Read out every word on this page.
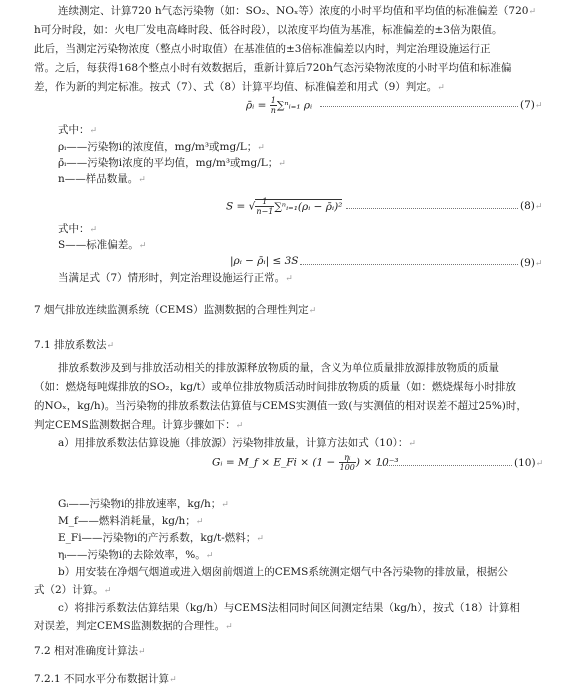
连续测定、计算720 h气态污染物（如：SO₂、NOₓ等）浓度的小时平均值和平均值的标准偏差（720↵
h可分时段，如：火电厂发电高峰时段、低谷时段），以浓度平均值为基准，标准偏差的±3倍为限值。
此后，当测定污染物浓度（整点小时取值）在基准值的±3倍标准偏差以内时，判定治理设施运行正
常。之后，每获得168个整点小时有效数据后，重新计算后720h气态污染物浓度的小时平均值和标准偏
差，作为新的判定标准。按式（7）、式（8）计算平均值、标准偏差和用式（9）判定。↵
ρ̄ᵢ = $\frac{1}{n}$ ∑ⁿᵢ₌₁ ρᵢ	(7)↵
式中：↵
ρᵢ——污染物i的浓度值，mg/m³或mg/L；↵
ρ̄ᵢ——污染物i浓度的平均值，mg/m³或mg/L；↵
n——样品数量。↵
S = √ $\frac{1}{n-1}$ ∑ⁿᵢ₌₁(ρᵢ − ρ̄ᵢ)²	(8)↵
式中：↵
S——标准偏差。↵
|ρᵢ − ρ̄ᵢ| ≤ 3S	(9)↵
当满足式（7）情形时，判定治理设施运行正常。↵
7 烟气排放连续监测系统（CEMS）监测数据的合理性判定↵
7.1 排放系数法↵
排放系数涉及到与排放活动相关的排放源释放物质的量，含义为单位质量排放源排放物质的质量
（如：燃烧每吨煤排放的SO₂，kg/t）或单位排放物质活动时间排放物质的质量（如：燃烧煤每小时排放
的NOₓ，kg/h)。当污染物的排放系数法估算值与CEMS实测值一致(与实测值的相对误差不超过25%)时，
判定CEMS监测数据合理。计算步骤如下：↵
a）用排放系数法估算设施（排放源）污染物排放量，计算方法如式（10）：↵
Gᵢ = M_f × E_Fi × ($1 - \frac{\text{ηᵢ}}{100}$ ) × 10⁻³	(10)↵
Gᵢ——污染物i的排放速率，kg/h；↵
M_f——燃料消耗量，kg/h；↵
E_Fi——污染物i的产污系数，kg/t-燃料；↵
ηᵢ——污染物i的去除效率，%。↵
b）用安装在净烟气烟道或进入烟囱前烟道上的CEMS系统测定烟气中各污染物的排放量，根据公
式（2）计算。↵
c）将排污系数法估算结果（kg/h）与CEMS法相同时间区间测定结果（kg/h），按式（18）计算相
对误差，判定CEMS监测数据的合理性。↵
7.2 相对准确度计算法↵
7.2.1 不同水平分布数据计算↵
